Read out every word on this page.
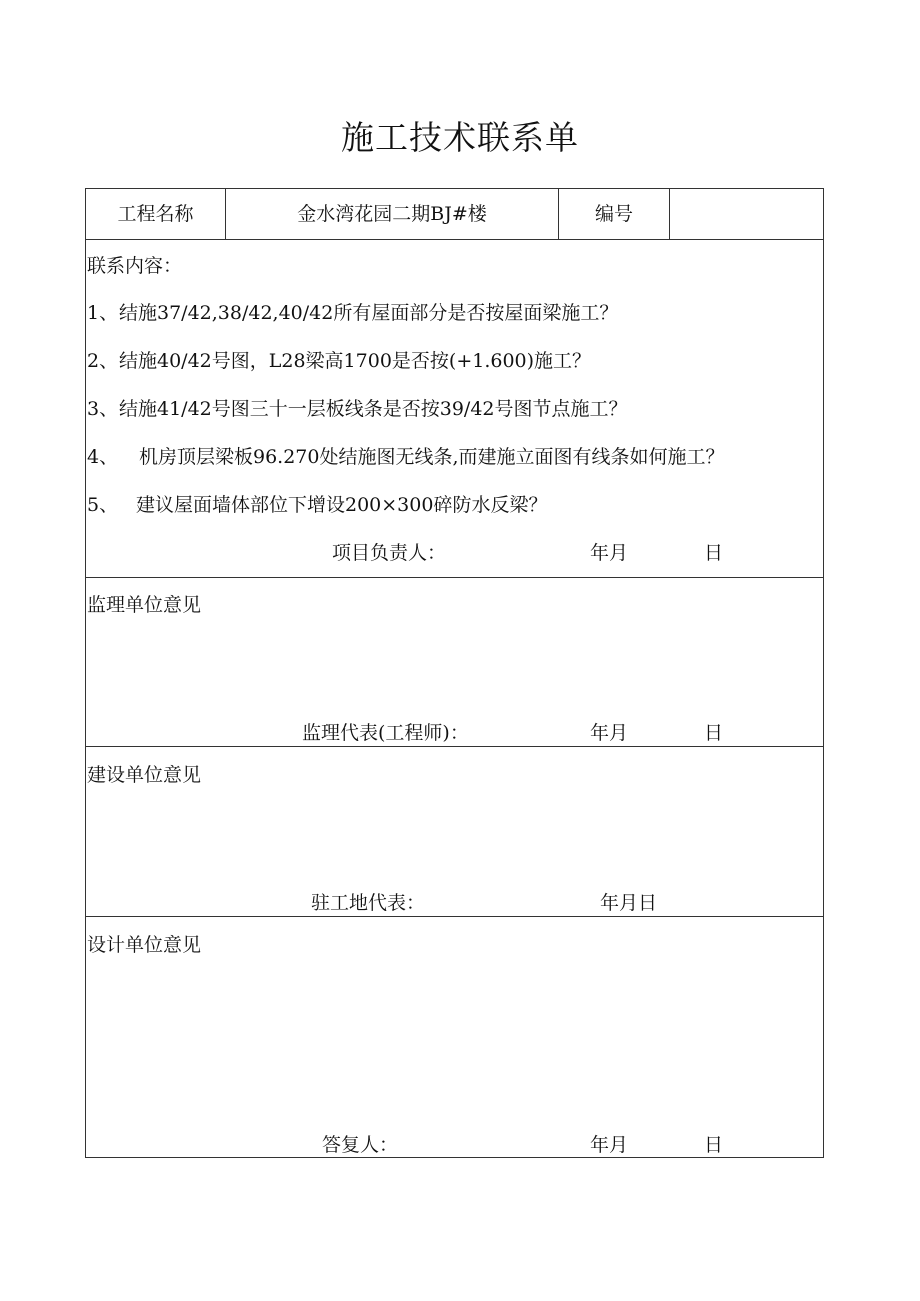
施工技术联系单
工程名称	金水湾花园二期BJ#楼	编号
联系内容：
1、 结施37/42,38/42,40/42所有屋面部分是否按屋面梁施工？
2、 结施40/42号图，L28梁高1700是否按(+1.600)施工？
3、 结施41/42号图三十一层板线条是否按39/42号图节点施工？
4、 机房顶层梁板96.270处结施图无线条,而建施立面图有线条如何施工？
5、 建议屋面墙体部位下增设200×300碎防水反梁？
项目负责人：	年月	日
监理单位意见
监理代表(工程师)：	年月	日
建设单位意见
驻工地代表：	年月日
设计单位意见
答复人：	年月	日
